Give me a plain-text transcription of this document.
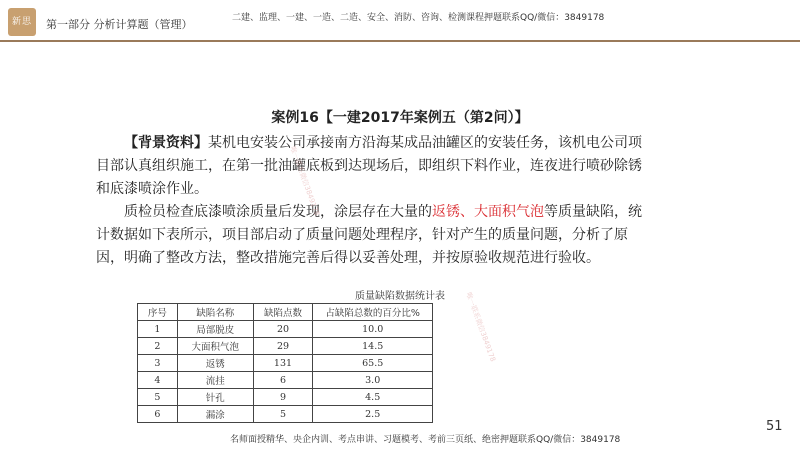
新思	第一部分 分析计算题（管理）	二建、监理、一建、一造、二造、安全、消防、咨询、检测课程押题联系QQ/微信：3849178
案例16【一建2017年案例五（第2问）】

【背景资料】某机电安装公司承接南方沿海某成品油罐区的安装任务，该机电公司项目部认真组织施工，在第一批油罐底板到达现场后，即组织下料作业，连夜进行喷砂除锈和底漆喷涂作业。

质检员检查底漆喷涂质量后发现，涂层存在大量的返锈、大面积气泡等质量缺陷，统计数据如下表所示，项目部启动了质量问题处理程序，针对产生的质量问题，分析了原因，明确了整改方法，整改措施完善后得以妥善处理，并按原验收规范进行验收。

质量缺陷数据统计表
序号	缺陷名称	缺陷点数	占缺陷总数的百分比%
1	局部脱皮	20	10.0
2	大面积气泡	29	14.5
3	返锈	131	65.5
4	流挂	6	3.0
5	针孔	9	4.5
6	漏涂	5	2.5
唯一联系微信3849178
唯一联系微信3849178
51
名师面授精华、央企内训、考点串讲、习题模考、考前三页纸、绝密押题联系QQ/微信：3849178
